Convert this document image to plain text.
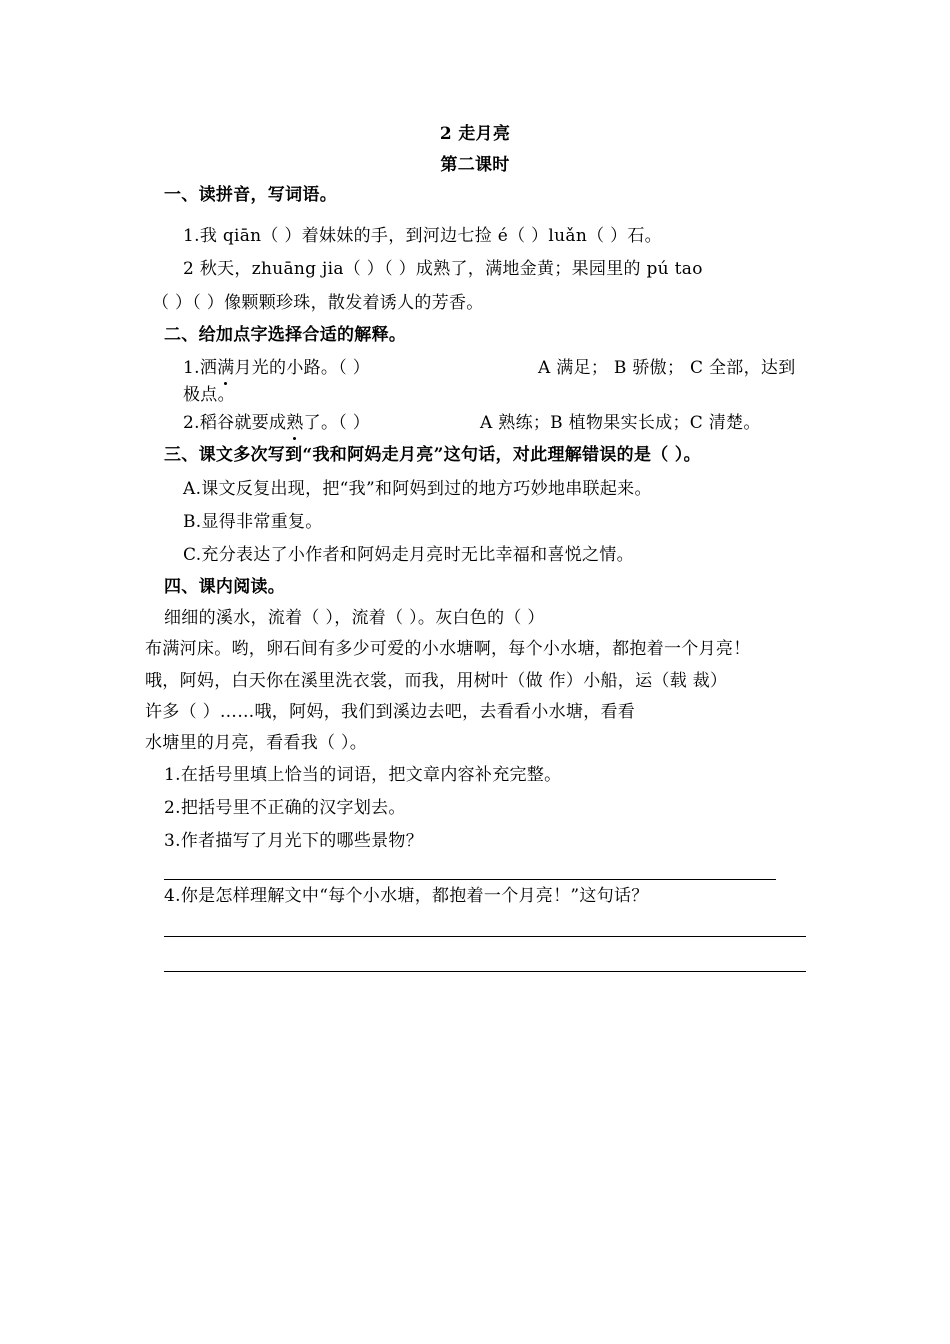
2 走月亮
第二课时
一、读拼音，写词语。
1.我 qiān（ ）着妹妹的手，到河边七捡 é（ ）luǎn（ ）石。
2 秋天，zhuāng jia（ ）（ ）成熟了，满地金黄；果园里的 pú tao
（ ）（ ）像颗颗珍珠，散发着诱人的芳香。
二、给加点字选择合适的解释。
1.洒满月光的小路。（ ）	A 满足； B 骄傲； C 全部，达到
极点。
2.稻谷就要成熟了。（ ）	A 熟练；B 植物果实长成；C 清楚。
三、课文多次写到“我和阿妈走月亮”这句话，对此理解错误的是（ ）。
A.课文反复出现，把“我”和阿妈到过的地方巧妙地串联起来。
B.显得非常重复。
C.充分表达了小作者和阿妈走月亮时无比幸福和喜悦之情。
四、课内阅读。
细细的溪水，流着（ ），流着（ ）。灰白色的（ ）
布满河床。哟，卵石间有多少可爱的小水塘啊，每个小水塘，都抱着一个月亮！
哦，阿妈，白天你在溪里洗衣裳，而我，用树叶（做 作）小船，运（载 裁）
许多（ ）……哦，阿妈，我们到溪边去吧，去看看小水塘，看看
水塘里的月亮，看看我（ ）。
1.在括号里填上恰当的词语，把文章内容补充完整。
2.把括号里不正确的汉字划去。
3.作者描写了月光下的哪些景物？
4.你是怎样理解文中“每个小水塘，都抱着一个月亮！”这句话？
